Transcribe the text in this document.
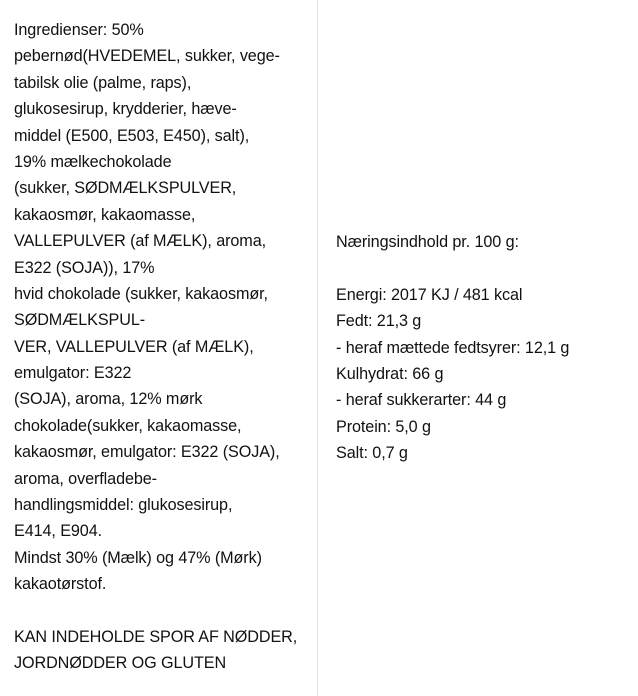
Ingredienser: 50%
pebernød(HVEDEMEL, sukker, vege-
tabilsk olie (palme, raps),
glukosesirup, krydderier, hæve-
middel (E500, E503, E450), salt),
19% mælkechokolade
(sukker, SØDMÆLKSPULVER,
kakaosmør, kakaomasse,
VALLEPULVER (af MÆLK), aroma,
E322 (SOJA)), 17%
hvid chokolade (sukker, kakaosmør,
SØDMÆLKSPUL-
VER, VALLEPULVER (af MÆLK),
emulgator: E322
(SOJA), aroma, 12% mørk
chokolade(sukker, kakaomasse,
kakaosmør, emulgator: E322 (SOJA),
aroma, overfladebe-
handlingsmiddel: glukosesirup,
E414, E904.
Mindst 30% (Mælk) og 47% (Mørk)
kakaotørstof.
KAN INDEHOLDE SPOR AF NØDDER,
JORDNØDDER OG GLUTEN
Næringsindhold pr. 100 g:
Energi: 2017 KJ / 481 kcal
Fedt: 21,3 g
- heraf mættede fedtsyrer: 12,1 g
Kulhydrat: 66 g
- heraf sukkerarter: 44 g
Protein: 5,0 g
Salt: 0,7 g
